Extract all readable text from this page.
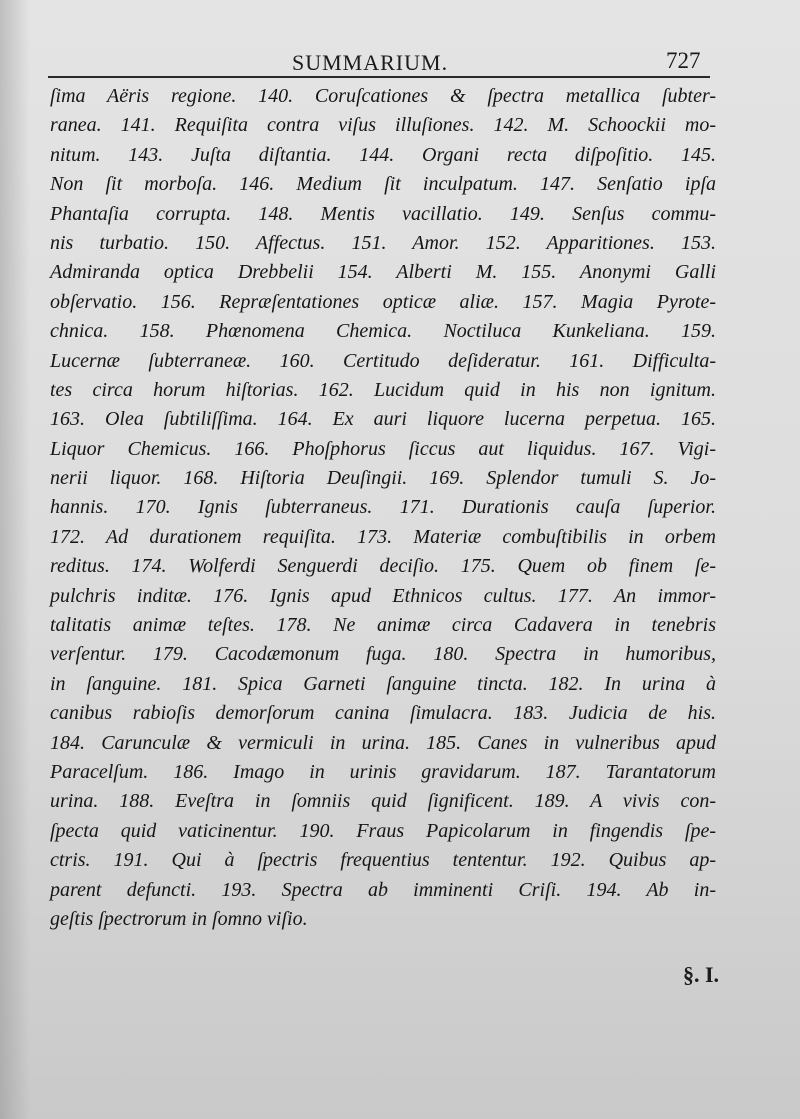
SUMMARIUM.	727
ſima Aëris regione. 140. Coruſcationes & ſpectra metallica ſubter-
ranea. 141. Requiſita contra viſus illuſiones. 142. M. Schoockii mo-
nitum. 143. Juſta diſtantia. 144. Organi recta diſpoſitio. 145.
Non ſit morboſa. 146. Medium ſit inculpatum. 147. Senſatio ipſa
Phantaſia corrupta. 148. Mentis vacillatio. 149. Senſus commu-
nis turbatio. 150. Affectus. 151. Amor. 152. Apparitiones. 153.
Admiranda optica Drebbelii 154. Alberti M. 155. Anonymi Galli
obſervatio. 156. Repræſentationes opticæ aliæ. 157. Magia Pyrote-
chnica. 158. Phœnomena Chemica. Noctiluca Kunkeliana. 159.
Lucernæ ſubterraneæ. 160. Certitudo deſideratur. 161. Difficulta-
tes circa horum hiſtorias. 162. Lucidum quid in his non ignitum.
163. Olea ſubtiliſſima. 164. Ex auri liquore lucerna perpetua. 165.
Liquor Chemicus. 166. Phoſphorus ſiccus aut liquidus. 167. Vigi-
nerii liquor. 168. Hiſtoria Deuſingii. 169. Splendor tumuli S. Jo-
hannis. 170. Ignis ſubterraneus. 171. Durationis cauſa ſuperior.
172. Ad durationem requiſita. 173. Materiæ combuſtibilis in orbem
reditus. 174. Wolferdi Senguerdi deciſio. 175. Quem ob finem ſe-
pulchris inditæ. 176. Ignis apud Ethnicos cultus. 177. An immor-
talitatis animæ teſtes. 178. Ne animæ circa Cadavera in tenebris
verſentur. 179. Cacodæmonum fuga. 180. Spectra in humoribus,
in ſanguine. 181. Spica Garneti ſanguine tincta. 182. In urina à
canibus rabioſis demorſorum canina ſimulacra. 183. Judicia de his.
184. Carunculæ & vermiculi in urina. 185. Canes in vulneribus apud
Paracelſum. 186. Imago in urinis gravidarum. 187. Tarantatorum
urina. 188. Eveſtra in ſomniis quid ſignificent. 189. A vivis con-
ſpecta quid vaticinentur. 190. Fraus Papicolarum in fingendis ſpe-
ctris. 191. Qui à ſpectris frequentius tententur. 192. Quibus ap-
parent defuncti. 193. Spectra ab imminenti Criſi. 194. Ab in-
geſtis ſpectrorum in ſomno viſio.
§. I.
